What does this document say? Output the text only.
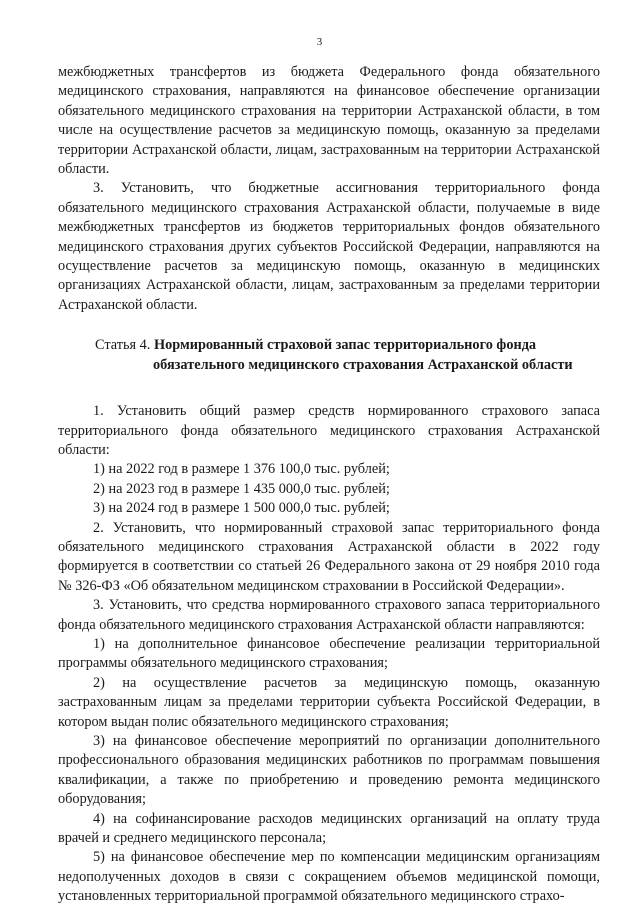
3

межбюджетных трансфертов из бюджета Федерального фонда обязательного медицинского страхования, направляются на финансовое обеспечение организации обязательного медицинского страхования на территории Астраханской области, в том числе на осуществление расчетов за медицинскую помощь, оказанную за пределами территории Астраханской области, лицам, застрахованным на территории Астраханской области.

3. Установить, что бюджетные ассигнования территориального фонда обязательного медицинского страхования Астраханской области, получаемые в виде межбюджетных трансфертов из бюджетов территориальных фондов обязательного медицинского страхования других субъектов Российской Федерации, направляются на осуществление расчетов за медицинскую помощь, оказанную в медицинских организациях Астраханской области, лицам, застрахованным за пределами территории Астраханской области.

Статья 4. Нормированный страховой запас территориального фонда
обязательного медицинского страхования Астраханской области

1. Установить общий размер средств нормированного страхового запаса территориального фонда обязательного медицинского страхования Астраханской области:

1) на 2022 год в размере 1 376 100,0 тыс. рублей;

2) на 2023 год в размере 1 435 000,0 тыс. рублей;

3) на 2024 год в размере 1 500 000,0 тыс. рублей;

2. Установить, что нормированный страховой запас территориального фонда обязательного медицинского страхования Астраханской области в 2022 году формируется в соответствии со статьей 26 Федерального закона от 29 ноября 2010 года № 326-ФЗ «Об обязательном медицинском страховании в Российской Федерации».

3. Установить, что средства нормированного страхового запаса территориального фонда обязательного медицинского страхования Астраханской области направляются:

1) на дополнительное финансовое обеспечение реализации территориальной программы обязательного медицинского страхования;

2) на осуществление расчетов за медицинскую помощь, оказанную застрахованным лицам за пределами территории субъекта Российской Федерации, в котором выдан полис обязательного медицинского страхования;

3) на финансовое обеспечение мероприятий по организации дополнительного профессионального образования медицинских работников по программам повышения квалификации, а также по приобретению и проведению ремонта медицинского оборудования;

4) на софинансирование расходов медицинских организаций на оплату труда врачей и среднего медицинского персонала;

5) на финансовое обеспечение мер по компенсации медицинским организациям недополученных доходов в связи с сокращением объемов медицинской помощи, установленных территориальной программой обязательного медицинского страхо-
